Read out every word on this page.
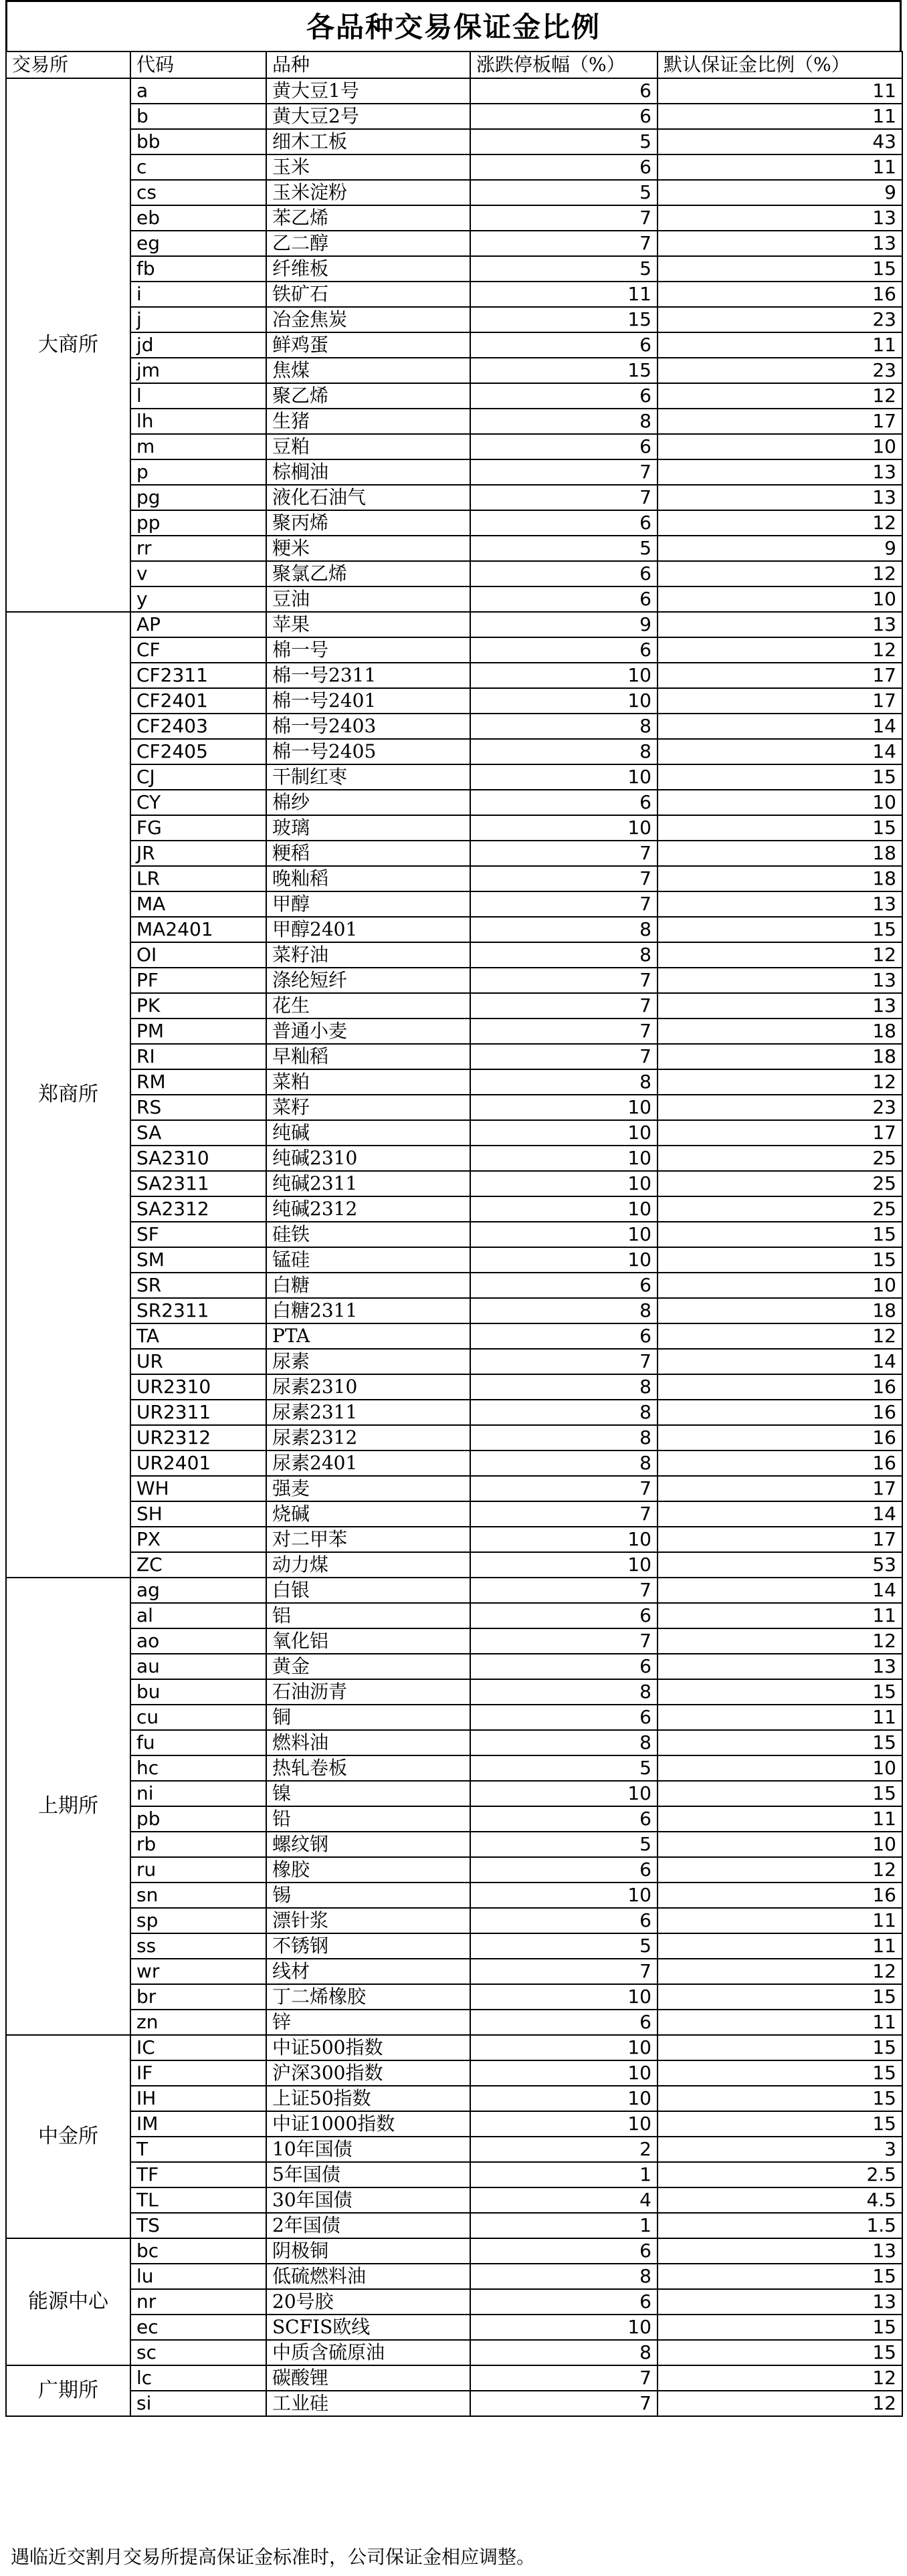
各品种交易保证金比例
交易所	代码	品种	涨跌停板幅（%）	默认保证金比例（%）
大商所	a	黄大豆1号	6	11
	b	黄大豆2号	6	11
	bb	细木工板	5	43
	c	玉米	6	11
	cs	玉米淀粉	5	9
	eb	苯乙烯	7	13
	eg	乙二醇	7	13
	fb	纤维板	5	15
	i	铁矿石	11	16
	j	冶金焦炭	15	23
	jd	鲜鸡蛋	6	11
	jm	焦煤	15	23
	l	聚乙烯	6	12
	lh	生猪	8	17
	m	豆粕	6	10
	p	棕榈油	7	13
	pg	液化石油气	7	13
	pp	聚丙烯	6	12
	rr	粳米	5	9
	v	聚氯乙烯	6	12
	y	豆油	6	10
郑商所	AP	苹果	9	13
	CF	棉一号	6	12
	CF2311	棉一号2311	10	17
	CF2401	棉一号2401	10	17
	CF2403	棉一号2403	8	14
	CF2405	棉一号2405	8	14
	CJ	干制红枣	10	15
	CY	棉纱	6	10
	FG	玻璃	10	15
	JR	粳稻	7	18
	LR	晚籼稻	7	18
	MA	甲醇	7	13
	MA2401	甲醇2401	8	15
	OI	菜籽油	8	12
	PF	涤纶短纤	7	13
	PK	花生	7	13
	PM	普通小麦	7	18
	RI	早籼稻	7	18
	RM	菜粕	8	12
	RS	菜籽	10	23
	SA	纯碱	10	17
	SA2310	纯碱2310	10	25
	SA2311	纯碱2311	10	25
	SA2312	纯碱2312	10	25
	SF	硅铁	10	15
	SM	锰硅	10	15
	SR	白糖	6	10
	SR2311	白糖2311	8	18
	TA	PTA	6	12
	UR	尿素	7	14
	UR2310	尿素2310	8	16
	UR2311	尿素2311	8	16
	UR2312	尿素2312	8	16
	UR2401	尿素2401	8	16
	WH	强麦	7	17
	SH	烧碱	7	14
	PX	对二甲苯	10	17
	ZC	动力煤	10	53
上期所	ag	白银	7	14
	al	铝	6	11
	ao	氧化铝	7	12
	au	黄金	6	13
	bu	石油沥青	8	15
	cu	铜	6	11
	fu	燃料油	8	15
	hc	热轧卷板	5	10
	ni	镍	10	15
	pb	铅	6	11
	rb	螺纹钢	5	10
	ru	橡胶	6	12
	sn	锡	10	16
	sp	漂针浆	6	11
	ss	不锈钢	5	11
	wr	线材	7	12
	br	丁二烯橡胶	10	15
	zn	锌	6	11
中金所	IC	中证500指数	10	15
	IF	沪深300指数	10	15
	IH	上证50指数	10	15
	IM	中证1000指数	10	15
	T	10年国债	2	3
	TF	5年国债	1	2.5
	TL	30年国债	4	4.5
	TS	2年国债	1	1.5
能源中心	bc	阴极铜	6	13
	lu	低硫燃料油	8	15
	nr	20号胶	6	13
	ec	SCFIS欧线	10	15
	sc	中质含硫原油	8	15
广期所	lc	碳酸锂	7	12
	si	工业硅	7	12
遇临近交割月交易所提高保证金标准时，公司保证金相应调整。
